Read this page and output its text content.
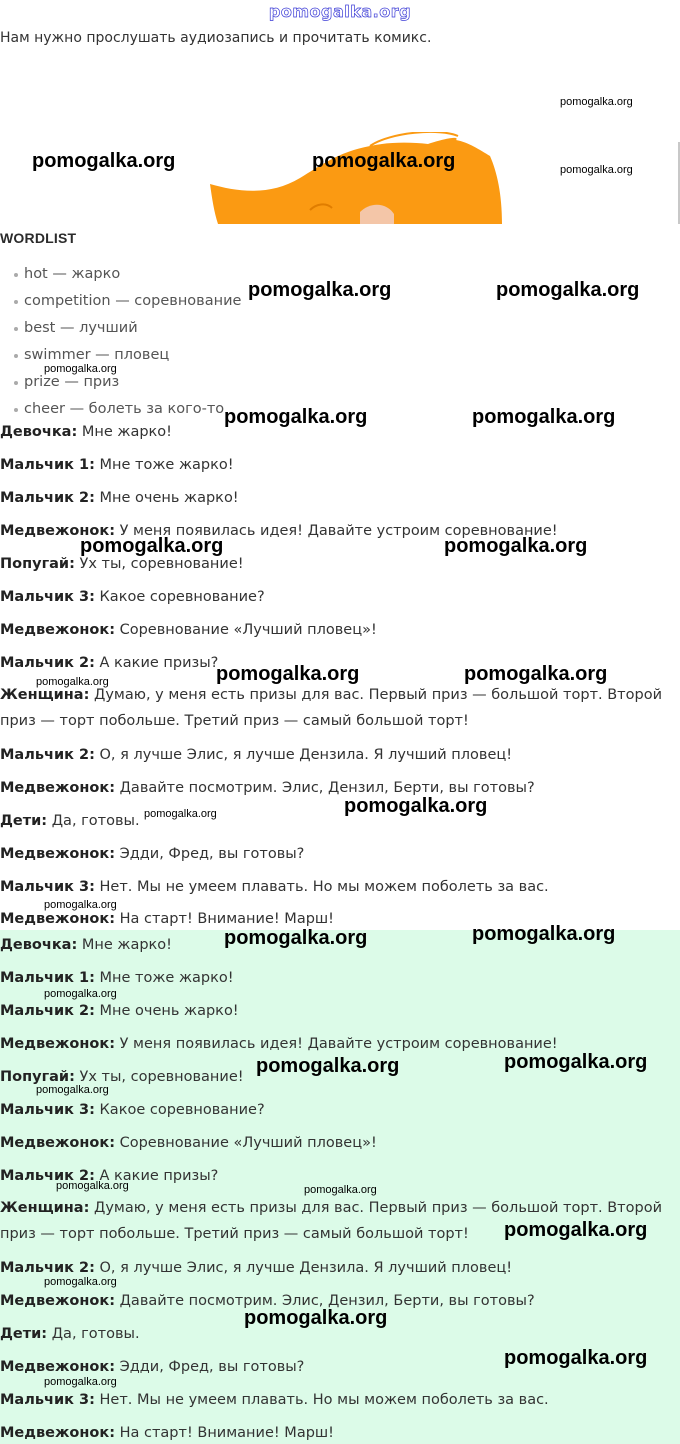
pomogalka.org
Нам нужно прослушать аудиозапись и прочитать комикс.
WORDLIST
hot — жарко
competition — соревнование
best — лучший
swimmer — пловец
prize — приз
cheer — болеть за кого-то
Девочка: Мне жарко!
Мальчик 1: Мне тоже жарко!
Мальчик 2: Мне очень жарко!
Медвежонок: У меня появилась идея! Давайте устроим соревнование!
Попугай: Ух ты, соревнование!
Мальчик 3: Какое соревнование?
Медвежонок: Соревнование «Лучший пловец»!
Мальчик 2: А какие призы?
Женщина: Думаю, у меня есть призы для вас. Первый приз — большой торт. Второй приз — торт побольше. Третий приз — самый большой торт!
Мальчик 2: О, я лучше Элис, я лучше Дензила. Я лучший пловец!
Медвежонок: Давайте посмотрим. Элис, Дензил, Берти, вы готовы?
Дети: Да, готовы.
Медвежонок: Эдди, Фред, вы готовы?
Мальчик 3: Нет. Мы не умеем плавать. Но мы можем поболеть за вас.
Медвежонок: На старт! Внимание! Марш!
Девочка: Мне жарко!
Мальчик 1: Мне тоже жарко!
Мальчик 2: Мне очень жарко!
Медвежонок: У меня появилась идея! Давайте устроим соревнование!
Попугай: Ух ты, соревнование!
Мальчик 3: Какое соревнование?
Медвежонок: Соревнование «Лучший пловец»!
Мальчик 2: А какие призы?
Женщина: Думаю, у меня есть призы для вас. Первый приз — большой торт. Второй приз — торт побольше. Третий приз — самый большой торт!
Мальчик 2: О, я лучше Элис, я лучше Дензила. Я лучший пловец!
Медвежонок: Давайте посмотрим. Элис, Дензил, Берти, вы готовы?
Дети: Да, готовы.
Медвежонок: Эдди, Фред, вы готовы?
Мальчик 3: Нет. Мы не умеем плавать. Но мы можем поболеть за вас.
Медвежонок: На старт! Внимание! Марш!
pomogalka.org
pomogalka.org	pomogalka.org	pomogalka.org
pomogalka.org	pomogalka.org
pomogalka.org
pomogalka.org	pomogalka.org
pomogalka.org	pomogalka.org
pomogalka.org	pomogalka.org
pomogalka.org
pomogalka.org
pomogalka.org
pomogalka.org
pomogalka.org	pomogalka.org
pomogalka.org
pomogalka.org	pomogalka.org
pomogalka.org
pomogalka.org	pomogalka.org
pomogalka.org
pomogalka.org
pomogalka.org
pomogalka.org
pomogalka.org
